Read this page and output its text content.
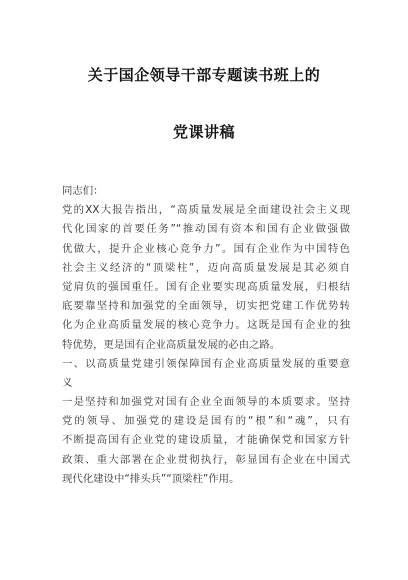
关于国企领导干部专题读书班上的
党课讲稿
同志们：
党的XX大报告指出，“高质量发展是全面建设社会主义现
代化国家的首要任务”“推动国有资本和国有企业做强做
优做大，提升企业核心竞争力”。国有企业作为中国特色
社会主义经济的“顶梁柱”，迈向高质量发展是其必须自
觉肩负的强国重任。国有企业要实现高质量发展，归根结
底要靠坚持和加强党的全面领导，切实把党建工作优势转
化为企业高质量发展的核心竞争力。这既是国有企业的独
特优势，更是国有企业高质量发展的必由之路。
一、以高质量党建引领保障国有企业高质量发展的重要意
义
一是坚持和加强党对国有企业全面领导的本质要求。坚持
党的领导、加强党的建设是国有的“根”和“魂”，只有
不断提高国有企业党的建设质量，才能确保党和国家方针
政策、重大部署在企业贯彻执行，彰显国有企业在中国式
现代化建设中“排头兵”“顶梁柱”作用。
